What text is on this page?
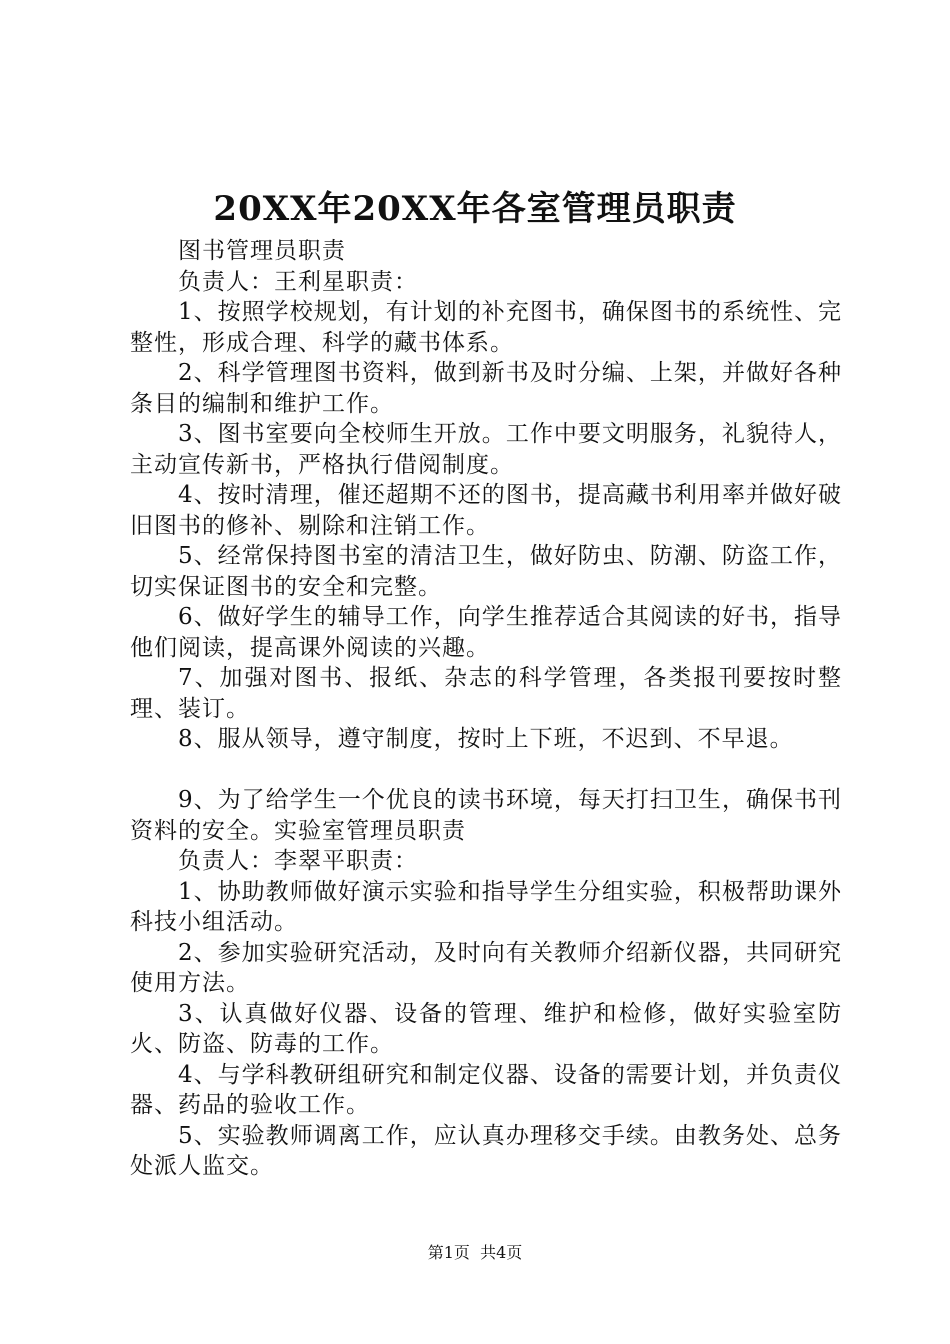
20XX年20XX年各室管理员职责

图书管理员职责

负责人：王利星职责：

1、按照学校规划，有计划的补充图书，确保图书的系统性、完整性，形成合理、科学的藏书体系。

2、科学管理图书资料，做到新书及时分编、上架，并做好各种条目的编制和维护工作。

3、图书室要向全校师生开放。工作中要文明服务，礼貌待人，主动宣传新书，严格执行借阅制度。

4、按时清理，催还超期不还的图书，提高藏书利用率并做好破旧图书的修补、剔除和注销工作。

5、经常保持图书室的清洁卫生，做好防虫、防潮、防盗工作，切实保证图书的安全和完整。

6、做好学生的辅导工作，向学生推荐适合其阅读的好书，指导他们阅读，提高课外阅读的兴趣。

7、加强对图书、报纸、杂志的科学管理，各类报刊要按时整理、装订。

8、服从领导，遵守制度，按时上下班，不迟到、不早退。

9、为了给学生一个优良的读书环境，每天打扫卫生，确保书刊资料的安全。实验室管理员职责

负责人：李翠平职责：

1、协助教师做好演示实验和指导学生分组实验，积极帮助课外科技小组活动。

2、参加实验研究活动，及时向有关教师介绍新仪器，共同研究使用方法。

3、认真做好仪器、设备的管理、维护和检修，做好实验室防火、防盗、防毒的工作。

4、与学科教研组研究和制定仪器、设备的需要计划，并负责仪器、药品的验收工作。

5、实验教师调离工作，应认真办理移交手续。由教务处、总务处派人监交。

第1页  共4页
